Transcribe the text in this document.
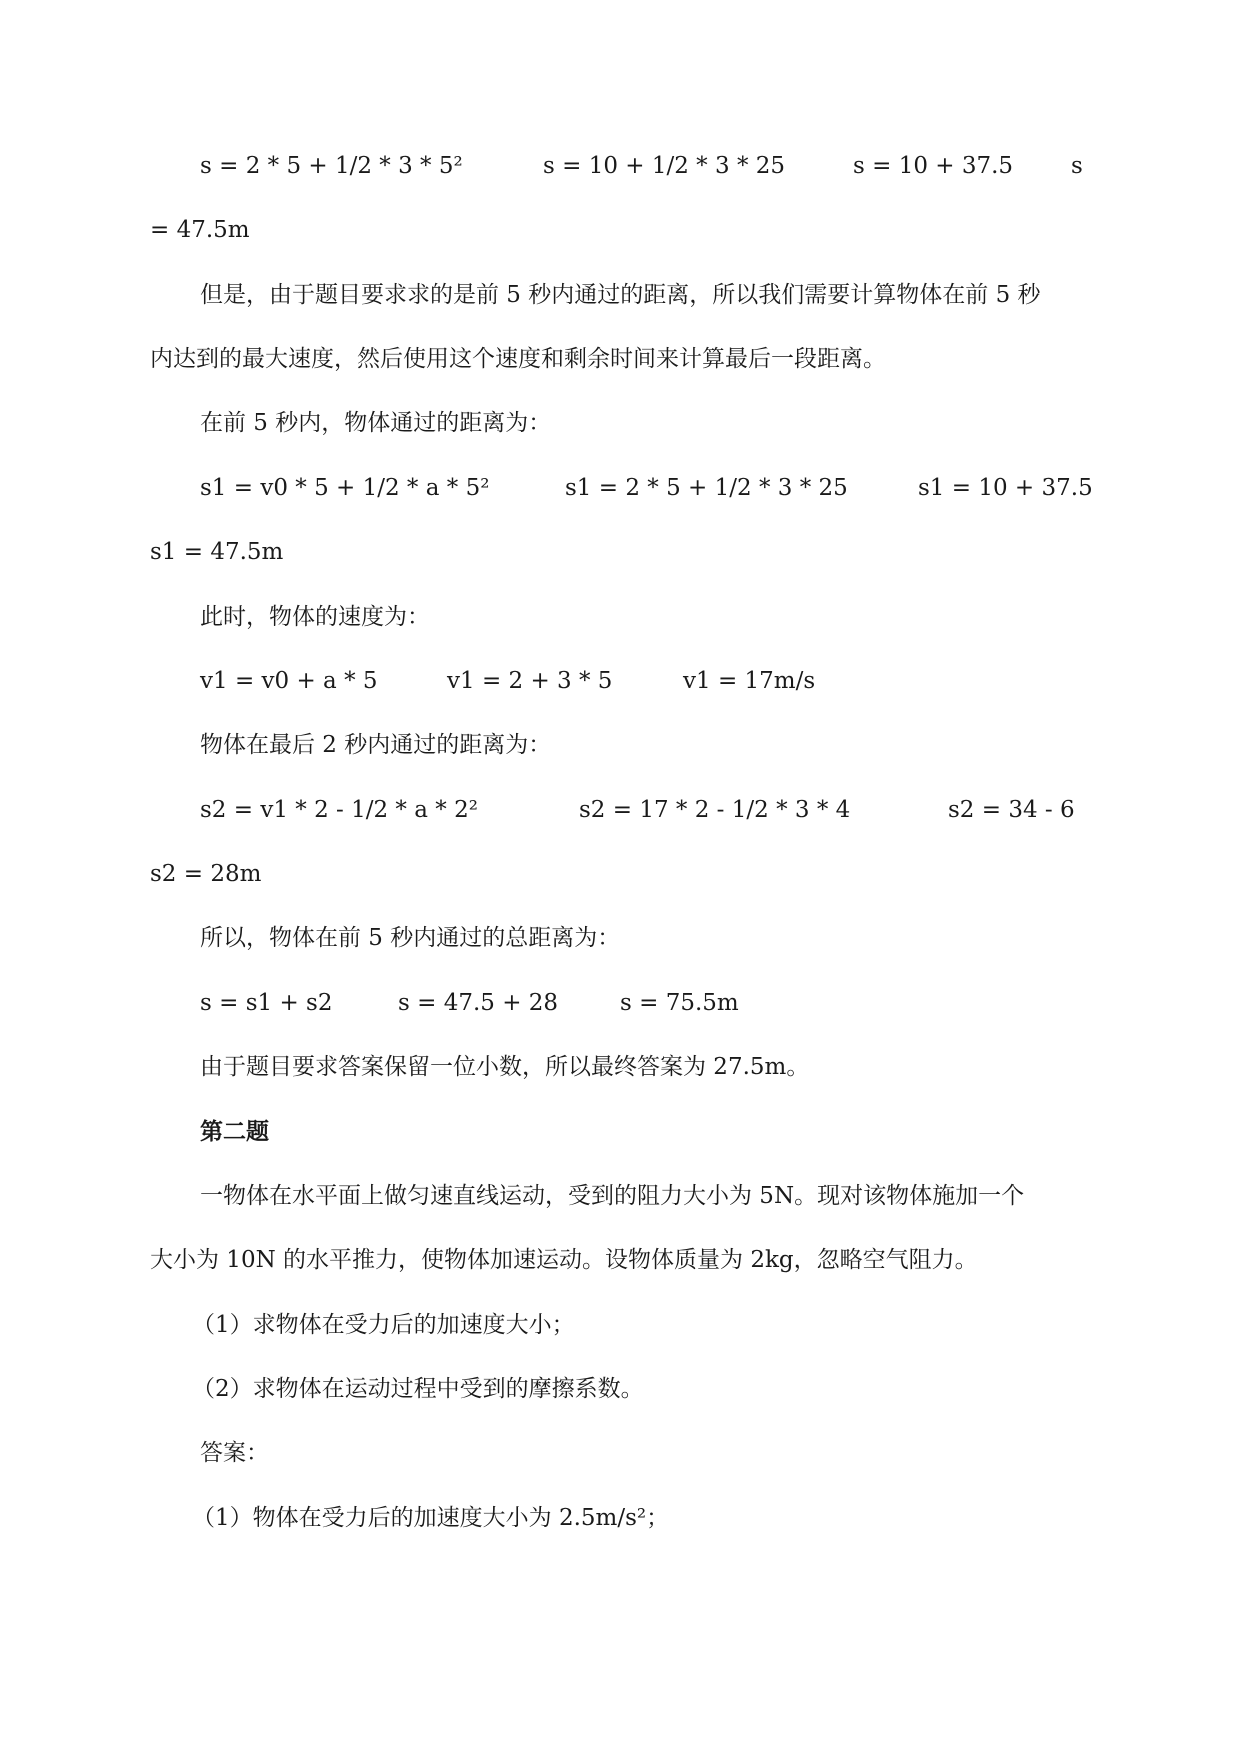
s = 2 * 5 + 1/2 * 3 * 5²	s = 10 + 1/2 * 3 * 25	s = 10 + 37.5	s
= 47.5m
但是，由于题目要求求的是前 5 秒内通过的距离，所以我们需要计算物体在前 5 秒
内达到的最大速度，然后使用这个速度和剩余时间来计算最后一段距离。
在前 5 秒内，物体通过的距离为：
s1 = v0 * 5 + 1/2 * a * 5²	s1 = 2 * 5 + 1/2 * 3 * 25	s1 = 10 + 37.5
s1 = 47.5m
此时，物体的速度为：
v1 = v0 + a * 5	v1 = 2 + 3 * 5	v1 = 17m/s
物体在最后 2 秒内通过的距离为：
s2 = v1 * 2 - 1/2 * a * 2²	s2 = 17 * 2 - 1/2 * 3 * 4	s2 = 34 - 6
s2 = 28m
所以，物体在前 5 秒内通过的总距离为：
s = s1 + s2	s = 47.5 + 28	s = 75.5m
由于题目要求答案保留一位小数，所以最终答案为 27.5m。
第二题
一物体在水平面上做匀速直线运动，受到的阻力大小为 5N。现对该物体施加一个
大小为 10N 的水平推力，使物体加速运动。设物体质量为 2kg，忽略空气阻力。
（1）求物体在受力后的加速度大小；
（2）求物体在运动过程中受到的摩擦系数。
答案：
（1）物体在受力后的加速度大小为 2.5m/s²；
